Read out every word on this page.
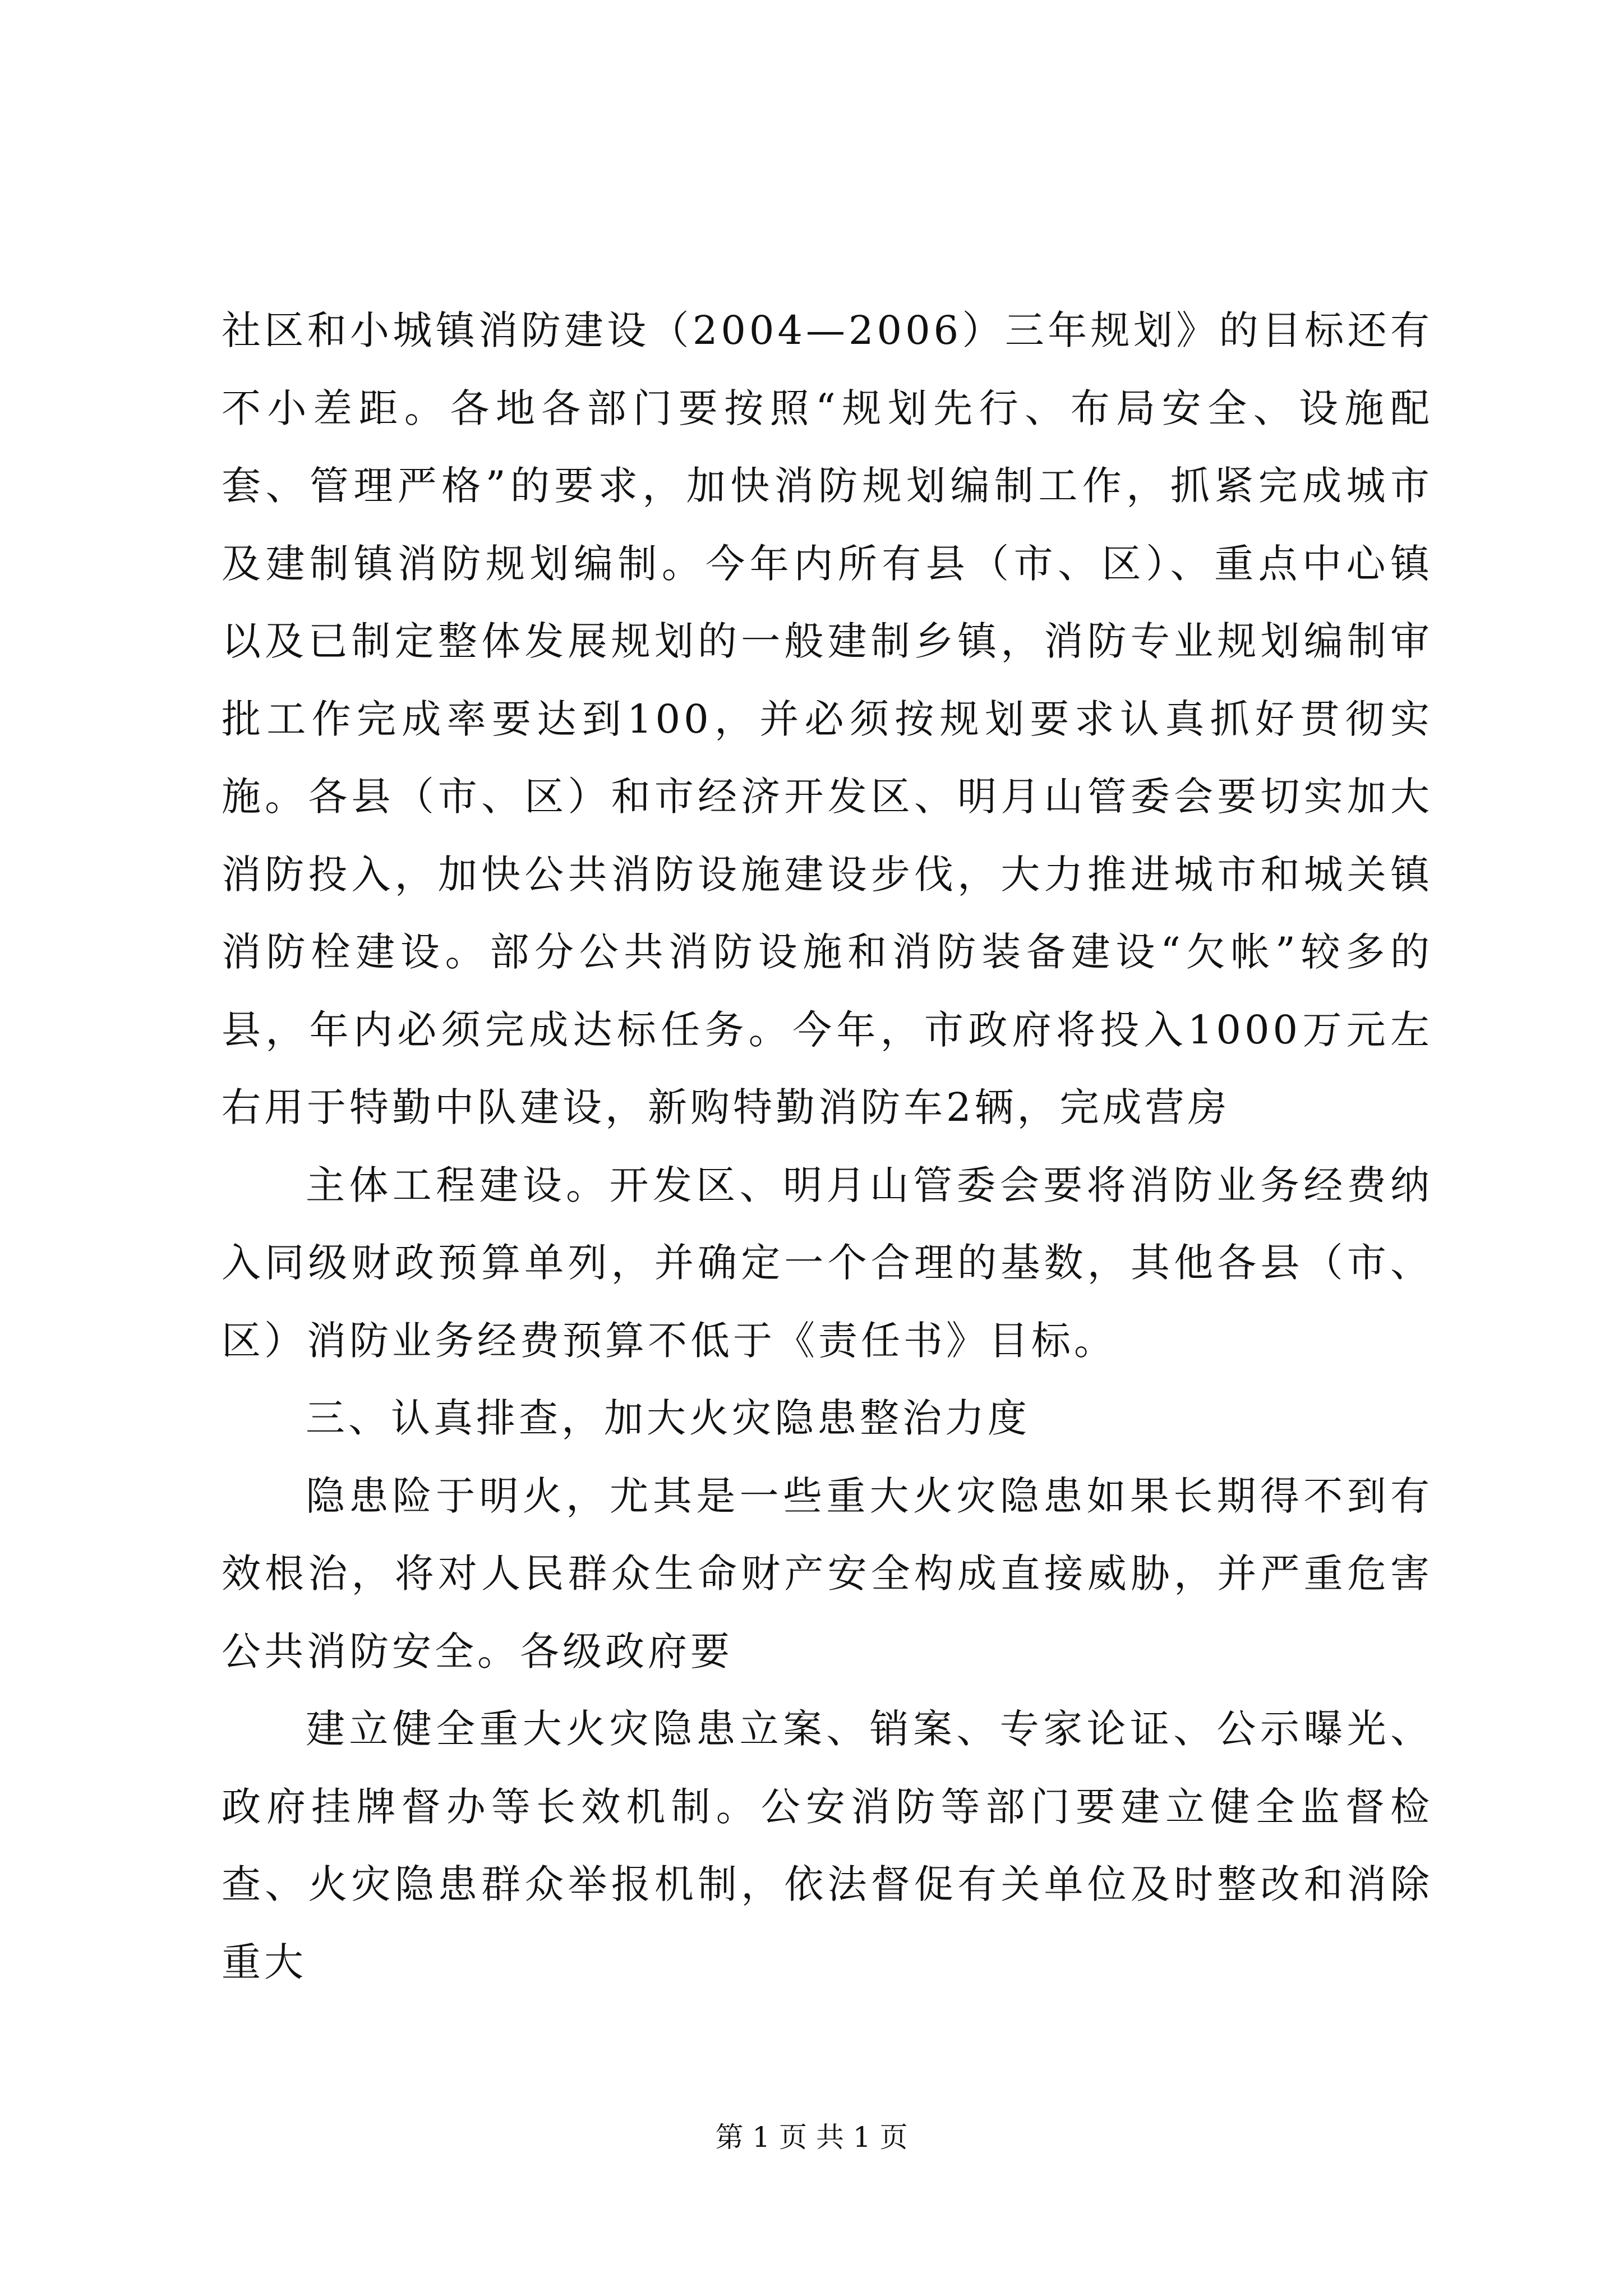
社区和小城镇消防建设（2004—2006）三年规划》的目标还有不小差距。各地各部门要按照“规划先行、布局安全、设施配套、管理严格”的要求，加快消防规划编制工作，抓紧完成城市及建制镇消防规划编制。今年内所有县（市、区）、重点中心镇以及已制定整体发展规划的一般建制乡镇，消防专业规划编制审批工作完成率要达到100，并必须按规划要求认真抓好贯彻实施。各县（市、区）和市经济开发区、明月山管委会要切实加大消防投入，加快公共消防设施建设步伐，大力推进城市和城关镇消防栓建设。部分公共消防设施和消防装备建设“欠帐”较多的县，年内必须完成达标任务。今年，市政府将投入1000万元左右用于特勤中队建设，新购特勤消防车2辆，完成营房

主体工程建设。开发区、明月山管委会要将消防业务经费纳入同级财政预算单列，并确定一个合理的基数，其他各县（市、区）消防业务经费预算不低于《责任书》目标。

三、认真排查，加大火灾隐患整治力度

隐患险于明火，尤其是一些重大火灾隐患如果长期得不到有效根治，将对人民群众生命财产安全构成直接威胁，并严重危害公共消防安全。各级政府要

建立健全重大火灾隐患立案、销案、专家论证、公示曝光、政府挂牌督办等长效机制。公安消防等部门要建立健全监督检查、火灾隐患群众举报机制，依法督促有关单位及时整改和消除重大

第 1 页 共 1 页
